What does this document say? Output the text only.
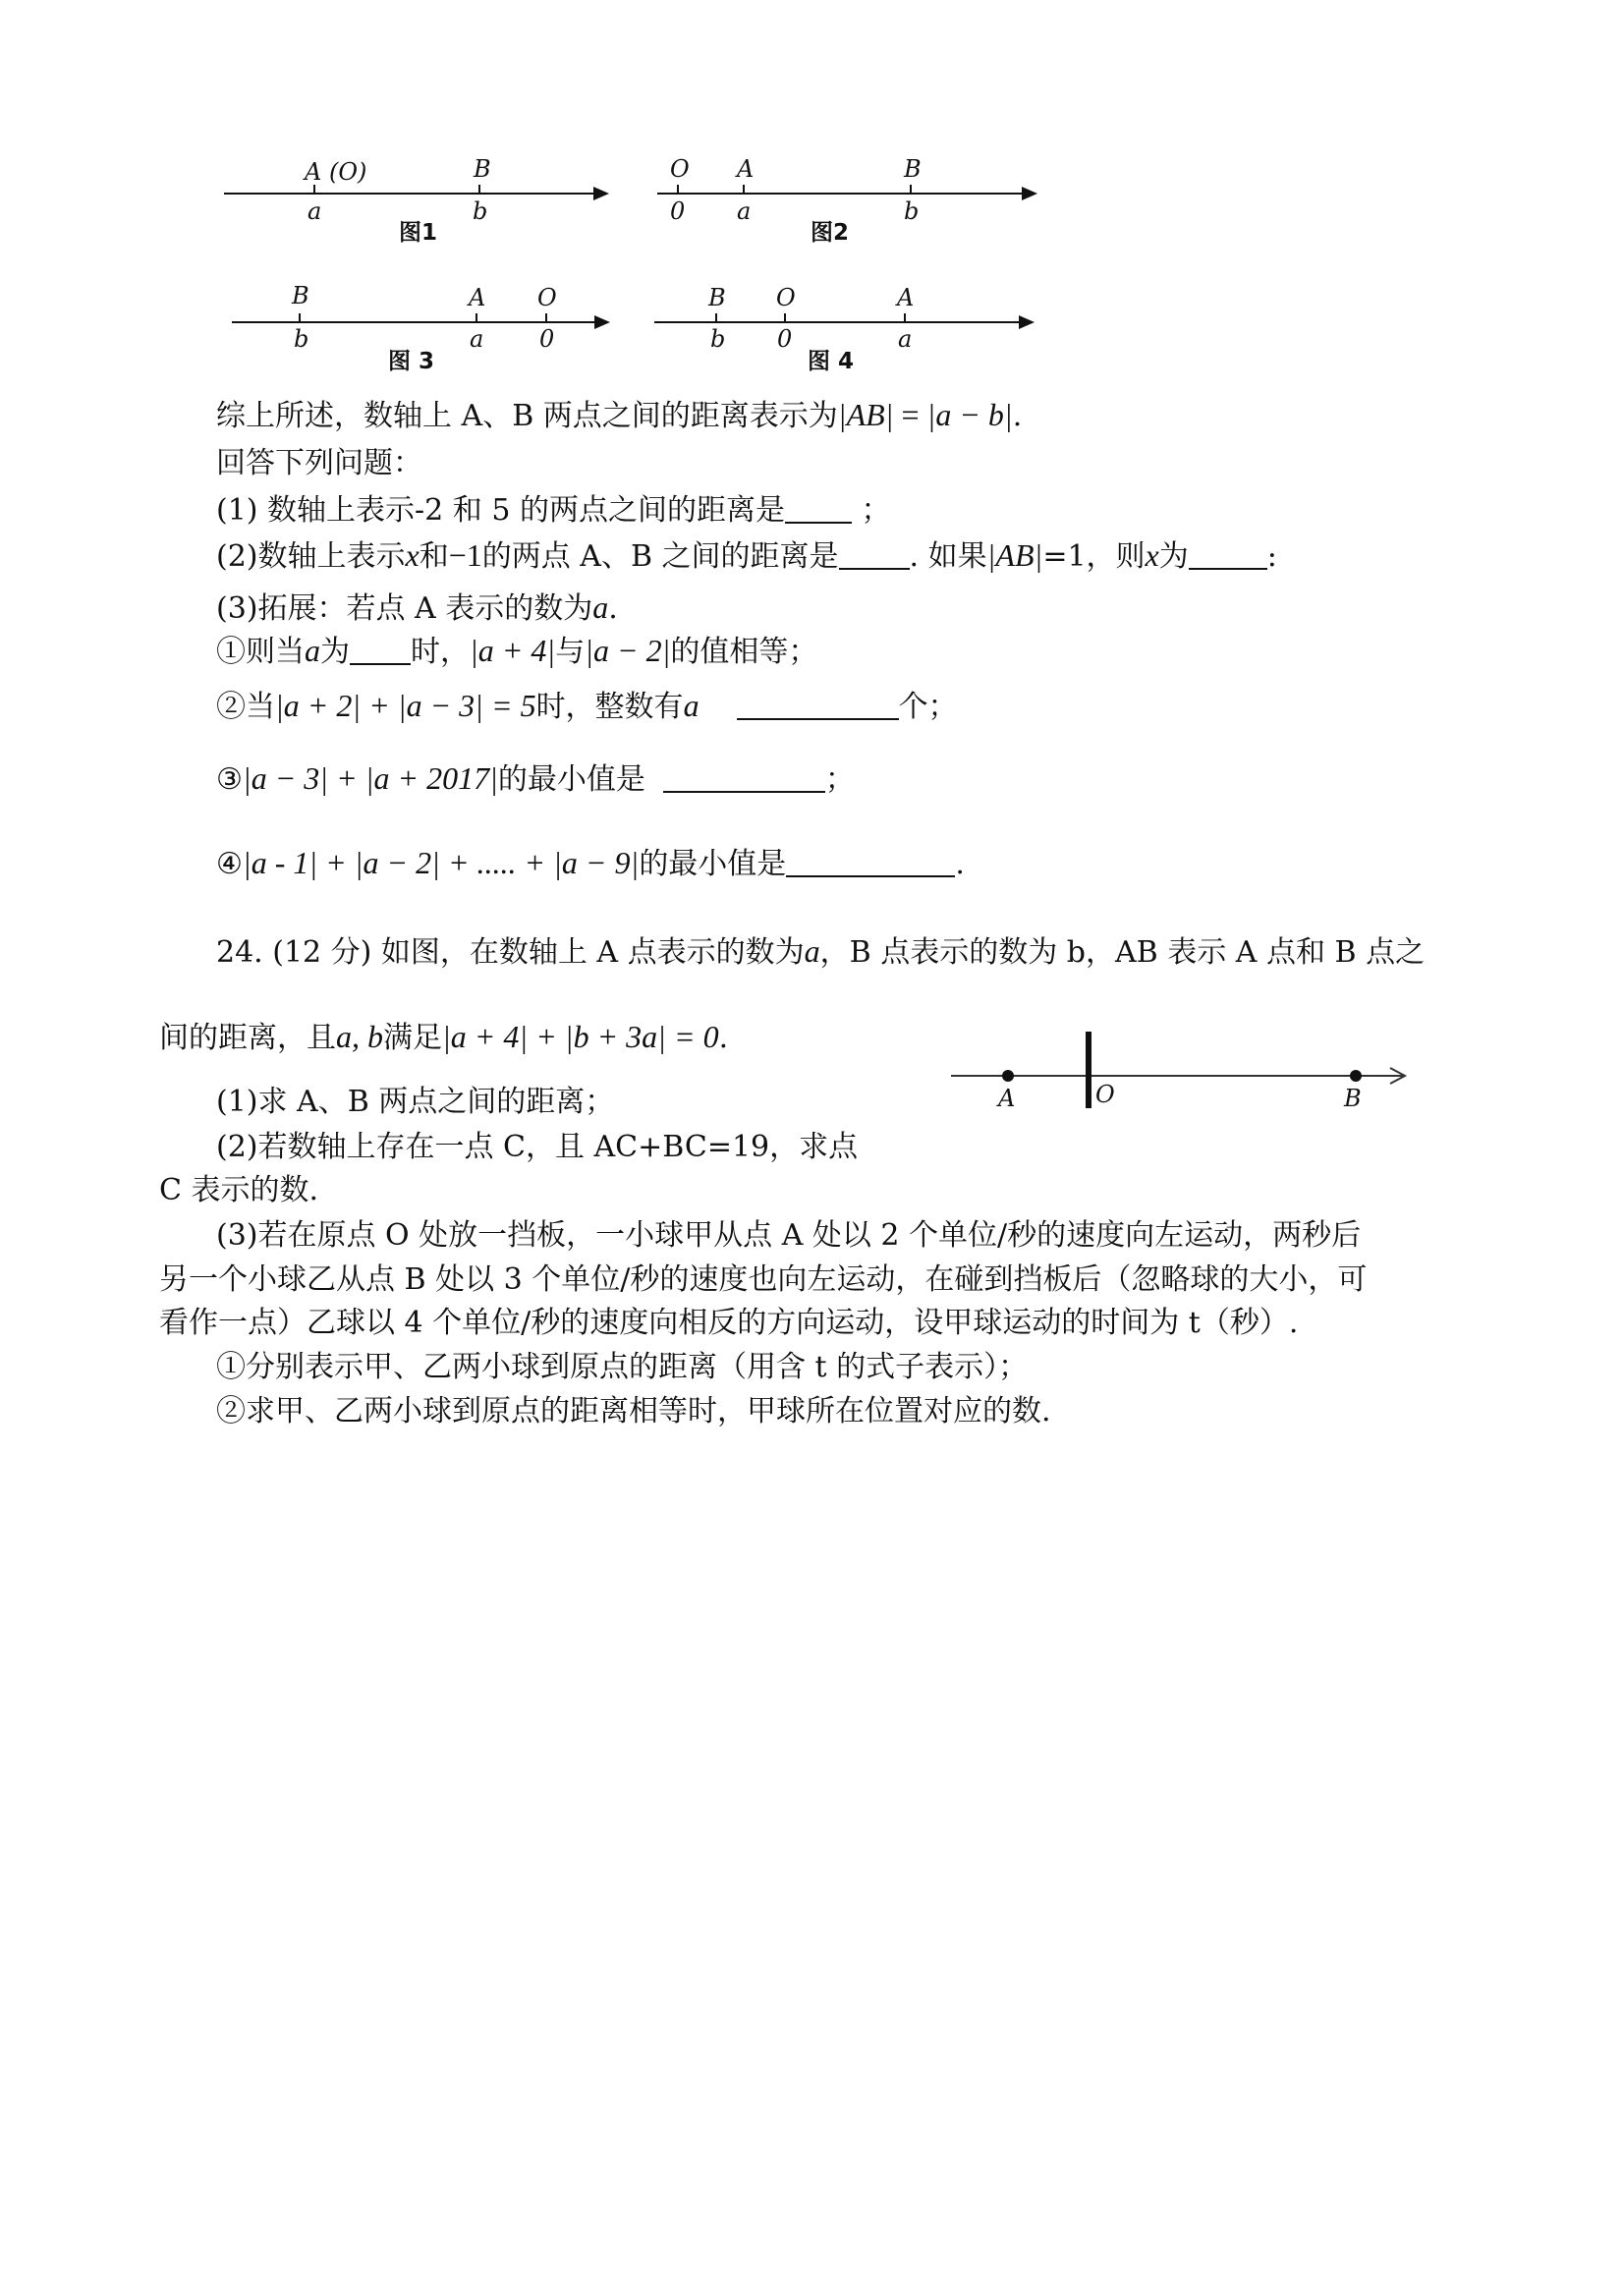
A (O)	B
a	b
图1
O A	B
0 a	b
图2
B	A O
b	a 0
图 3
B O	A
b 0	a
图 4
综上所述，数轴上 A、B 两点之间的距离表示为|AB| = |a − b|.
回答下列问题：
(1) 数轴上表示-2 和 5 的两点之间的距离是 ；
(2)数轴上表示x和−1的两点 A、B 之间的距离是 . 如果|AB|=1，则x为	:
(3)拓展：若点 A 表示的数为a.
①则当a为 时，|a + 4|与|a − 2|的值相等；
②当|a + 2| + |a − 3| = 5时，整数有a	个；
③|a − 3| + |a + 2017|的最小值是	；
④|a - 1| + |a − 2| + ..... + |a − 9|的最小值是	.
24. (12 分) 如图，在数轴上 A 点表示的数为a，B 点表示的数为 b，AB 表示 A 点和 B 点之
间的距离，且a, b满足|a + 4| + |b + 3a| = 0.
A	O	B
(1)求 A、B 两点之间的距离；
(2)若数轴上存在一点 C，且 AC+BC=19，求点
C 表示的数.
(3)若在原点 O 处放一挡板，一小球甲从点 A 处以 2 个单位/秒的速度向左运动，两秒后
另一个小球乙从点 B 处以 3 个单位/秒的速度也向左运动，在碰到挡板后（忽略球的大小，可
看作一点）乙球以 4 个单位/秒的速度向相反的方向运动，设甲球运动的时间为 t（秒）.
①分别表示甲、乙两小球到原点的距离（用含 t 的式子表示）；
②求甲、乙两小球到原点的距离相等时，甲球所在位置对应的数.
